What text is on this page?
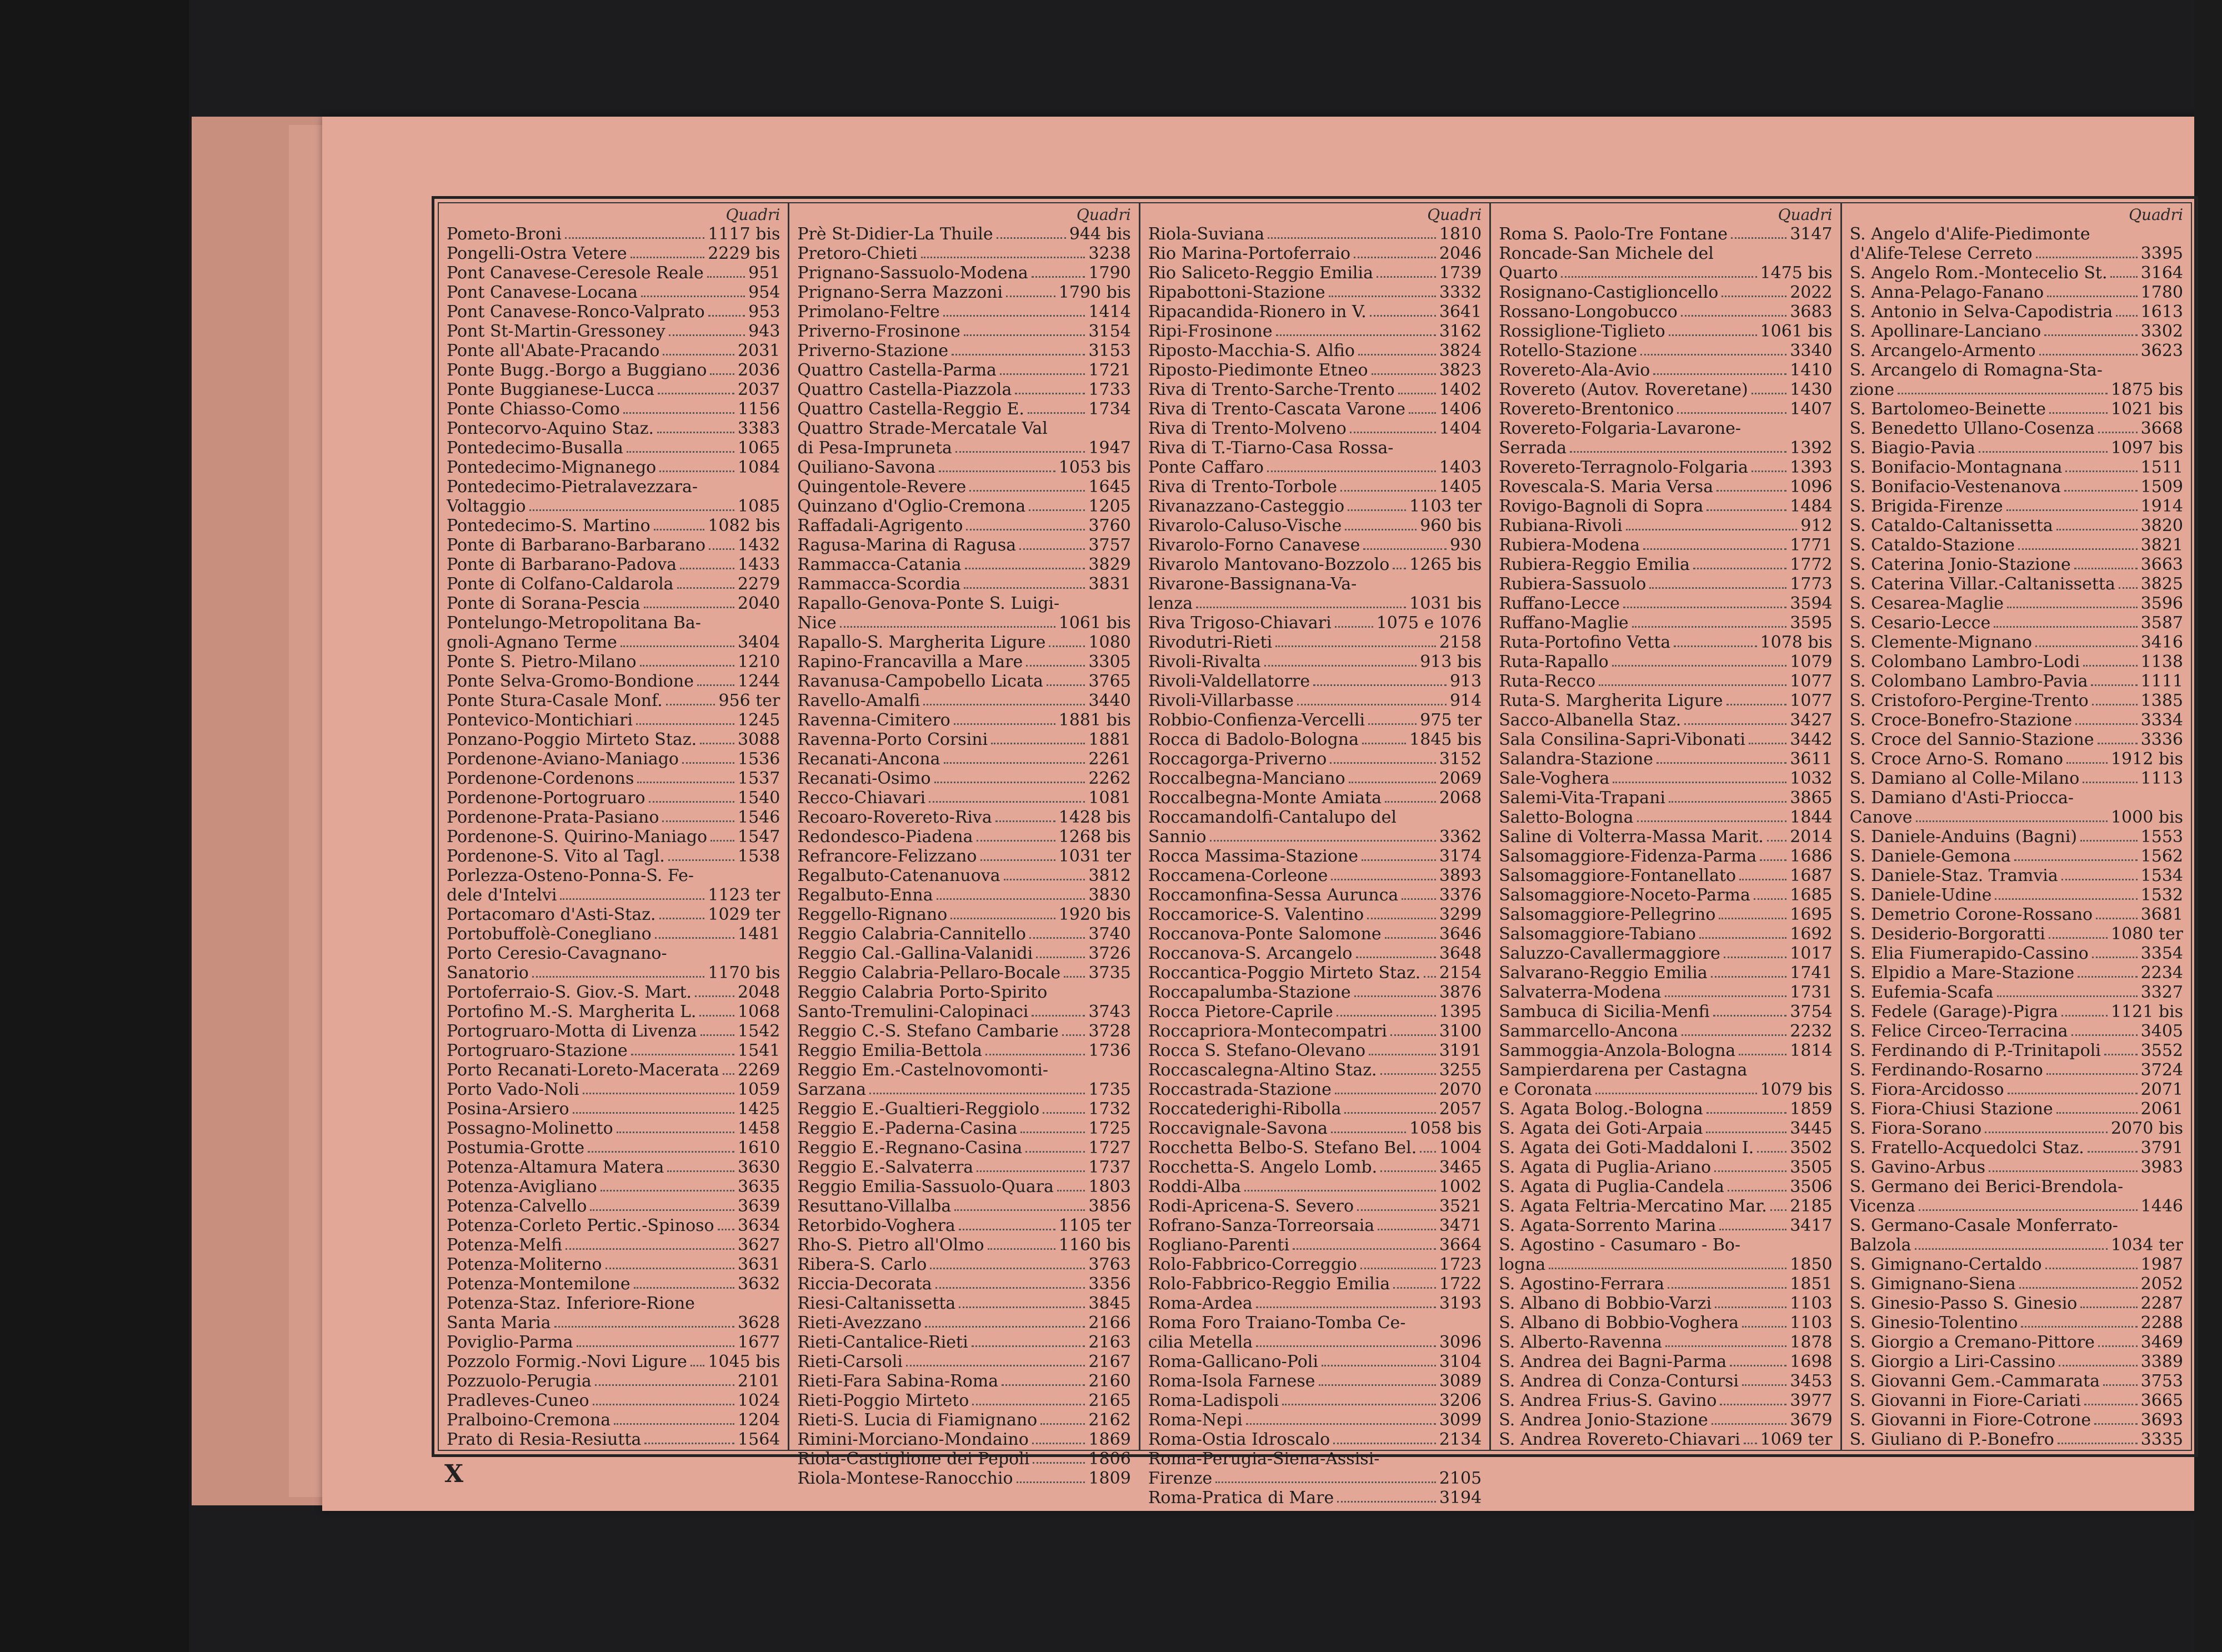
Quadri
Pometo-Broni	1117 bis
Pongelli-Ostra Vetere	2229 bis
Pont Canavese-Ceresole Reale	951
Pont Canavese-Locana	954
Pont Canavese-Ronco-Valprato	953
Pont St-Martin-Gressoney	943
Ponte all'Abate-Pracando	2031
Ponte Bugg.-Borgo a Buggiano 2036
Ponte Buggianese-Lucca	2037
Ponte Chiasso-Como	1156
Pontecorvo-Aquino Staz.	3383
Pontedecimo-Busalla	1065
Pontedecimo-Mignanego	1084
Pontedecimo-Pietralavezzara-
Voltaggio	1085
Pontedecimo-S. Martino	1082 bis
Ponte di Barbarano-Barbarano 1432
Ponte di Barbarano-Padova	1433
Ponte di Colfano-Caldarola	2279
Ponte di Sorana-Pescia	2040
Pontelungo-Metropolitana Ba-
gnoli-Agnano Terme	3404
Ponte S. Pietro-Milano	1210
Ponte Selva-Gromo-Bondione	1244
Ponte Stura-Casale Monf.	956 ter
Pontevico-Montichiari	1245
Ponzano-Poggio Mirteto Staz. 3088
Pordenone-Aviano-Maniago	1536
Pordenone-Cordenons	1537
Pordenone-Portogruaro	1540
Pordenone-Prata-Pasiano	1546
Pordenone-S. Quirino-Maniago 1547
Pordenone-S. Vito al Tagl.	1538
Porlezza-Osteno-Ponna-S. Fe-
dele d'Intelvi	1123 ter
Portacomaro d'Asti-Staz.	1029 ter
Portobuffolè-Conegliano	1481
Porto Ceresio-Cavagnano-
Sanatorio	1170 bis
Portoferraio-S. Giov.-S. Mart.	2048
Portofino M.-S. Margherita L. 1068
Portogruaro-Motta di Livenza 1542
Portogruaro-Stazione	1541
Porto Recanati-Loreto-Macerata 2269
Porto Vado-Noli	1059
Posina-Arsiero	1425
Possagno-Molinetto	1458
Postumia-Grotte	1610
Potenza-Altamura Matera	3630
Potenza-Avigliano	3635
Potenza-Calvello	3639
Potenza-Corleto Pertic.-Spinoso 3634
Potenza-Melfi	3627
Potenza-Moliterno	3631
Potenza-Montemilone	3632
Potenza-Staz. Inferiore-Rione
Santa Maria	3628
Poviglio-Parma	1677
Pozzolo Formig.-Novi Ligure 1045 bis
Pozzuolo-Perugia	2101
Pradleves-Cuneo	1024
Pralboino-Cremona	1204
Prato di Resia-Resiutta	1564
Quadri
Prè St-Didier-La Thuile	944 bis
Pretoro-Chieti	3238
Prignano-Sassuolo-Modena	1790
Prignano-Serra Mazzoni	1790 bis
Primolano-Feltre	1414
Priverno-Frosinone	3154
Priverno-Stazione	3153
Quattro Castella-Parma	1721
Quattro Castella-Piazzola	1733
Quattro Castella-Reggio E.	1734
Quattro Strade-Mercatale Val
di Pesa-Impruneta	1947
Quiliano-Savona	1053 bis
Quingentole-Revere	1645
Quinzano d'Oglio-Cremona	1205
Raffadali-Agrigento	3760
Ragusa-Marina di Ragusa	3757
Rammacca-Catania	3829
Rammacca-Scordia	3831
Rapallo-Genova-Ponte S. Luigi-
Nice	1061 bis
Rapallo-S. Margherita Ligure	1080
Rapino-Francavilla a Mare	3305
Ravanusa-Campobello Licata	3765
Ravello-Amalfi	3440
Ravenna-Cimitero	1881 bis
Ravenna-Porto Corsini	1881
Recanati-Ancona	2261
Recanati-Osimo	2262
Recco-Chiavari	1081
Recoaro-Rovereto-Riva	1428 bis
Redondesco-Piadena	1268 bis
Refrancore-Felizzano	1031 ter
Regalbuto-Catenanuova	3812
Regalbuto-Enna	3830
Reggello-Rignano	1920 bis
Reggio Calabria-Cannitello	3740
Reggio Cal.-Gallina-Valanidi	3726
Reggio Calabria-Pellaro-Bocale 3735
Reggio Calabria Porto-Spirito
Santo-Tremulini-Calopinaci	3743
Reggio C.-S. Stefano Cambarie 3728
Reggio Emilia-Bettola	1736
Reggio Em.-Castelnovomonti-
Sarzana	1735
Reggio E.-Gualtieri-Reggiolo	1732
Reggio E.-Paderna-Casina	1725
Reggio E.-Regnano-Casina	1727
Reggio E.-Salvaterra	1737
Reggio Emilia-Sassuolo-Quara 1803
Resuttano-Villalba	3856
Retorbido-Voghera	1105 ter
Rho-S. Pietro all'Olmo	1160 bis
Ribera-S. Carlo	3763
Riccia-Decorata	3356
Riesi-Caltanissetta	3845
Rieti-Avezzano	2166
Rieti-Cantalice-Rieti	2163
Rieti-Carsoli	2167
Rieti-Fara Sabina-Roma	2160
Rieti-Poggio Mirteto	2165
Rieti-S. Lucia di Fiamignano	2162
Rimini-Morciano-Mondaino	1869
Riola-Castiglione dei Pepoli	1806
Riola-Montese-Ranocchio	1809
Quadri
Riola-Suviana	1810
Rio Marina-Portoferraio	2046
Rio Saliceto-Reggio Emilia	1739
Ripabottoni-Stazione	3332
Ripacandida-Rionero in V.	3641
Ripi-Frosinone	3162
Riposto-Macchia-S. Alfio	3824
Riposto-Piedimonte Etneo	3823
Riva di Trento-Sarche-Trento	1402
Riva di Trento-Cascata Varone 1406
Riva di Trento-Molveno	1404
Riva di T.-Tiarno-Casa Rossa-
Ponte Caffaro	1403
Riva di Trento-Torbole	1405
Rivanazzano-Casteggio	1103 ter
Rivarolo-Caluso-Vische	960 bis
Rivarolo-Forno Canavese	930
Rivarolo Mantovano-Bozzolo 1265 bis
Rivarone-Bassignana-Va-
lenza	1031 bis
Riva Trigoso-Chiavari	1075 e 1076
Rivodutri-Rieti	2158
Rivoli-Rivalta	913 bis
Rivoli-Valdellatorre	913
Rivoli-Villarbasse	914
Robbio-Confienza-Vercelli	975 ter
Rocca di Badolo-Bologna	1845 bis
Roccagorga-Priverno	3152
Roccalbegna-Manciano	2069
Roccalbegna-Monte Amiata	2068
Roccamandolfi-Cantalupo del
Sannio	3362
Rocca Massima-Stazione	3174
Roccamena-Corleone	3893
Roccamonfina-Sessa Aurunca 3376
Roccamorice-S. Valentino	3299
Roccanova-Ponte Salomone	3646
Roccanova-S. Arcangelo	3648
Roccantica-Poggio Mirteto Staz. 2154
Roccapalumba-Stazione	3876
Rocca Pietore-Caprile	1395
Roccapriora-Montecompatri	3100
Rocca S. Stefano-Olevano	3191
Roccascalegna-Altino Staz.	3255
Roccastrada-Stazione	2070
Roccatederighi-Ribolla	2057
Roccavignale-Savona	1058 bis
Rocchetta Belbo-S. Stefano Bel. 1004
Rocchetta-S. Angelo Lomb.	3465
Roddi-Alba	1002
Rodi-Apricena-S. Severo	3521
Rofrano-Sanza-Torreorsaia	3471
Rogliano-Parenti	3664
Rolo-Fabbrico-Correggio	1723
Rolo-Fabbrico-Reggio Emilia	1722
Roma-Ardea	3193
Roma Foro Traiano-Tomba Ce-
cilia Metella	3096
Roma-Gallicano-Poli	3104
Roma-Isola Farnese	3089
Roma-Ladispoli	3206
Roma-Nepi	3099
Roma-Ostia Idroscalo	2134
Roma-Perugia-Siena-Assisi-
Firenze	2105
Roma-Pratica di Mare	3194
Quadri
Roma S. Paolo-Tre Fontane	3147
Roncade-San Michele del
Quarto	1475 bis
Rosignano-Castiglioncello	2022
Rossano-Longobucco	3683
Rossiglione-Tiglieto	1061 bis
Rotello-Stazione	3340
Rovereto-Ala-Avio	1410
Rovereto (Autov. Roveretane)	1430
Rovereto-Brentonico	1407
Rovereto-Folgaria-Lavarone-
Serrada	1392
Rovereto-Terragnolo-Folgaria	1393
Rovescala-S. Maria Versa	1096
Rovigo-Bagnoli di Sopra	1484
Rubiana-Rivoli	912
Rubiera-Modena	1771
Rubiera-Reggio Emilia	1772
Rubiera-Sassuolo	1773
Ruffano-Lecce	3594
Ruffano-Maglie	3595
Ruta-Portofino Vetta	1078 bis
Ruta-Rapallo	1079
Ruta-Recco	1077
Ruta-S. Margherita Ligure	1077
Sacco-Albanella Staz.	3427
Sala Consilina-Sapri-Vibonati	3442
Salandra-Stazione	3611
Sale-Voghera	1032
Salemi-Vita-Trapani	3865
Saletto-Bologna	1844
Saline di Volterra-Massa Marit. 2014
Salsomaggiore-Fidenza-Parma 1686
Salsomaggiore-Fontanellato	1687
Salsomaggiore-Noceto-Parma 1685
Salsomaggiore-Pellegrino	1695
Salsomaggiore-Tabiano	1692
Saluzzo-Cavallermaggiore	1017
Salvarano-Reggio Emilia	1741
Salvaterra-Modena	1731
Sambuca di Sicilia-Menfi	3754
Sammarcello-Ancona	2232
Sammoggia-Anzola-Bologna	1814
Sampierdarena per Castagna
e Coronata	1079 bis
S. Agata Bolog.-Bologna	1859
S. Agata dei Goti-Arpaia	3445
S. Agata dei Goti-Maddaloni I. 3502
S. Agata di Puglia-Ariano	3505
S. Agata di Puglia-Candela	3506
S. Agata Feltria-Mercatino Mar. 2185
S. Agata-Sorrento Marina	3417
S. Agostino - Casumaro - Bo-
logna	1850
S. Agostino-Ferrara	1851
S. Albano di Bobbio-Varzi	1103
S. Albano di Bobbio-Voghera	1103
S. Alberto-Ravenna	1878
S. Andrea dei Bagni-Parma	1698
S. Andrea di Conza-Contursi	3453
S. Andrea Frius-S. Gavino	3977
S. Andrea Jonio-Stazione	3679
S. Andrea Rovereto-Chiavari 1069 ter
Quadri
S. Angelo d'Alife-Piedimonte
d'Alife-Telese Cerreto	3395
S. Angelo Rom.-Montecelio St. 3164
S. Anna-Pelago-Fanano	1780
S. Antonio in Selva-Capodistria 1613
S. Apollinare-Lanciano	3302
S. Arcangelo-Armento	3623
S. Arcangelo di Romagna-Sta-
zione	1875 bis
S. Bartolomeo-Beinette	1021 bis
S. Benedetto Ullano-Cosenza	3668
S. Biagio-Pavia	1097 bis
S. Bonifacio-Montagnana	1511
S. Bonifacio-Vestenanova	1509
S. Brigida-Firenze	1914
S. Cataldo-Caltanissetta	3820
S. Cataldo-Stazione	3821
S. Caterina Jonio-Stazione	3663
S. Caterina Villar.-Caltanissetta 3825
S. Cesarea-Maglie	3596
S. Cesario-Lecce	3587
S. Clemente-Mignano	3416
S. Colombano Lambro-Lodi	1138
S. Colombano Lambro-Pavia	1111
S. Cristoforo-Pergine-Trento	1385
S. Croce-Bonefro-Stazione	3334
S. Croce del Sannio-Stazione	3336
S. Croce Arno-S. Romano	1912 bis
S. Damiano al Colle-Milano	1113
S. Damiano d'Asti-Priocca-
Canove	1000 bis
S. Daniele-Anduins (Bagni)	1553
S. Daniele-Gemona	1562
S. Daniele-Staz. Tramvia	1534
S. Daniele-Udine	1532
S. Demetrio Corone-Rossano	3681
S. Desiderio-Borgoratti	1080 ter
S. Elia Fiumerapido-Cassino	3354
S. Elpidio a Mare-Stazione	2234
S. Eufemia-Scafa	3327
S. Fedele (Garage)-Pigra	1121 bis
S. Felice Circeo-Terracina	3405
S. Ferdinando di P.-Trinitapoli 3552
S. Ferdinando-Rosarno	3724
S. Fiora-Arcidosso	2071
S. Fiora-Chiusi Stazione	2061
S. Fiora-Sorano	2070 bis
S. Fratello-Acquedolci Staz.	3791
S. Gavino-Arbus	3983
S. Germano dei Berici-Brendola-
Vicenza	1446
S. Germano-Casale Monferrato-
Balzola	1034 ter
S. Gimignano-Certaldo	1987
S. Gimignano-Siena	2052
S. Ginesio-Passo S. Ginesio	2287
S. Ginesio-Tolentino	2288
S. Giorgio a Cremano-Pittore	3469
S. Giorgio a Liri-Cassino	3389
S. Giovanni Gem.-Cammarata 3753
S. Giovanni in Fiore-Cariati	3665
S. Giovanni in Fiore-Cotrone	3693
S. Giuliano di P.-Bonefro	3335
X
